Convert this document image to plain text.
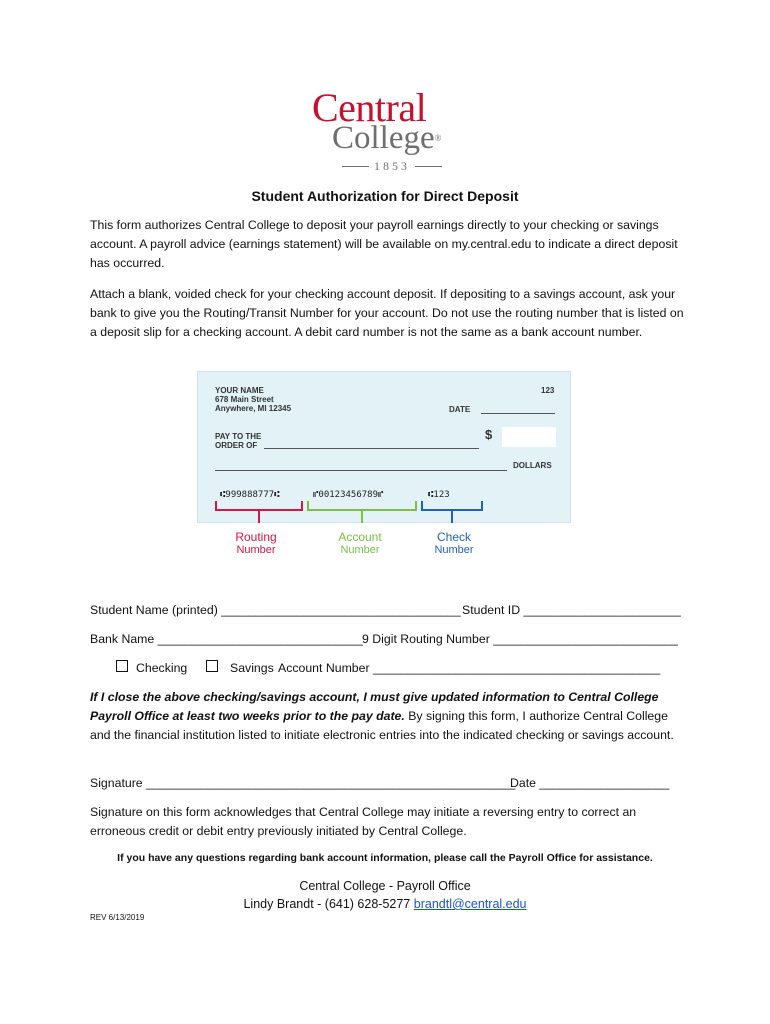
Central
College®
1853
Student Authorization for Direct Deposit

This form authorizes Central College to deposit your payroll earnings directly to your checking or savings account. A payroll advice (earnings statement) will be available on my.central.edu to indicate a direct deposit has occurred.

Attach a blank, voided check for your checking account deposit. If depositing to a savings account, ask your bank to give you the Routing/Transit Number for your account. Do not use the routing number that is listed on a deposit slip for a checking account. A debit card number is not the same as a bank account number.

YOUR NAME
678 Main Street
Anywhere, MI 12345
123
DATE
PAY TO THE
ORDER OF
$
DOLLARS
⑆999888777⑆	⑈00123456789⑈	⑆123
Routing
Number
Account
Number
Check
Number
Student Name (printed) ___________________________________ Student ID _______________________
Bank Name ______________________________ 9 Digit Routing Number ___________________________
Checking	Savings Account Number __________________________________________

If I close the above checking/savings account, I must give updated information to Central College Payroll Office at least two weeks prior to the pay date. By signing this form, I authorize Central College and the financial institution listed to initiate electronic entries into the indicated checking or savings account.

Signature ______________________________________________________
Date ___________________

Signature on this form acknowledges that Central College may initiate a reversing entry to correct an erroneous credit or debit entry previously initiated by Central College.

If you have any questions regarding bank account information, please call the Payroll Office for assistance.
Central College - Payroll Office
Lindy Brandt - (641) 628-5277 brandtl@central.edu
REV 6/13/2019
